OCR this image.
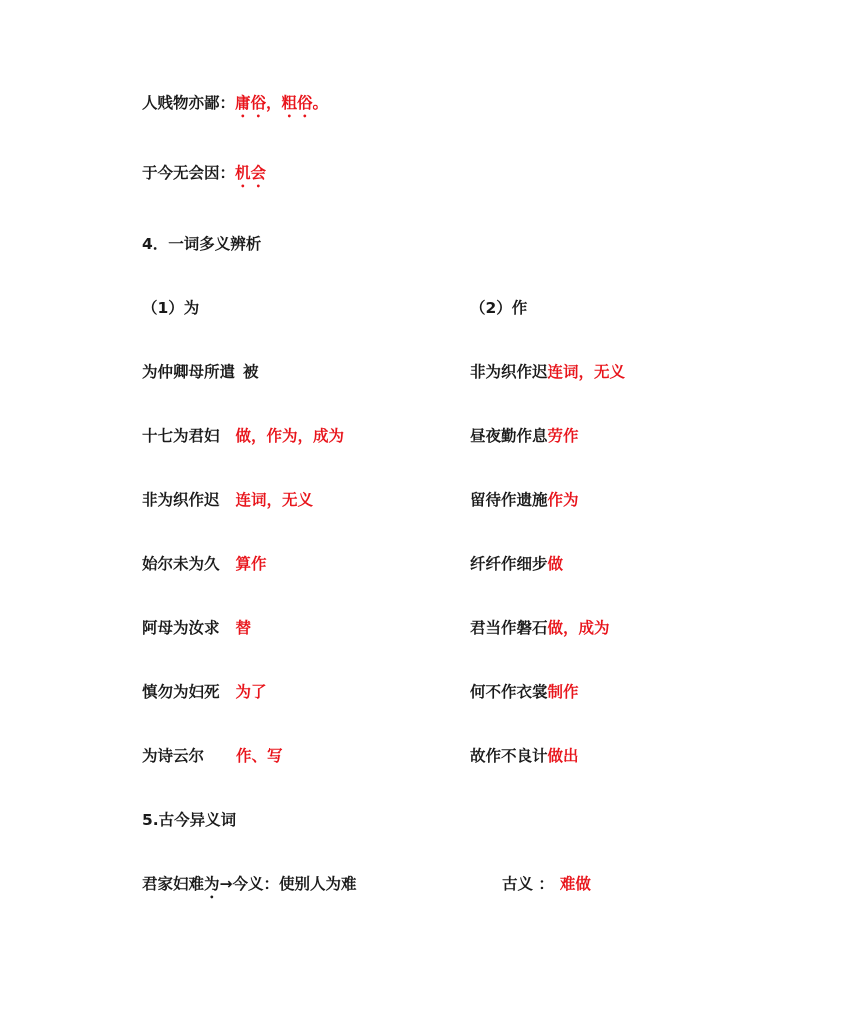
人贱物亦鄙：庸俗，粗俗。
于今无会因：机会
4．一词多义辨析
（1）为	（2）作
为仲卿母所遣 被
十七为君妇 做，作为，成为
非为织作迟 连词，无义
始尔未为久 算作
阿母为汝求 替
慎勿为妇死 为了
为诗云尔 作、写
非为织作迟连词，无义
昼夜勤作息劳作
留待作遗施作为
纤纤作细步做
君当作磐石做，成为
何不作衣裳制作
故作不良计做出
5.古今异义词
君家妇难为→今义：使别人为难	古义 ： 难做
